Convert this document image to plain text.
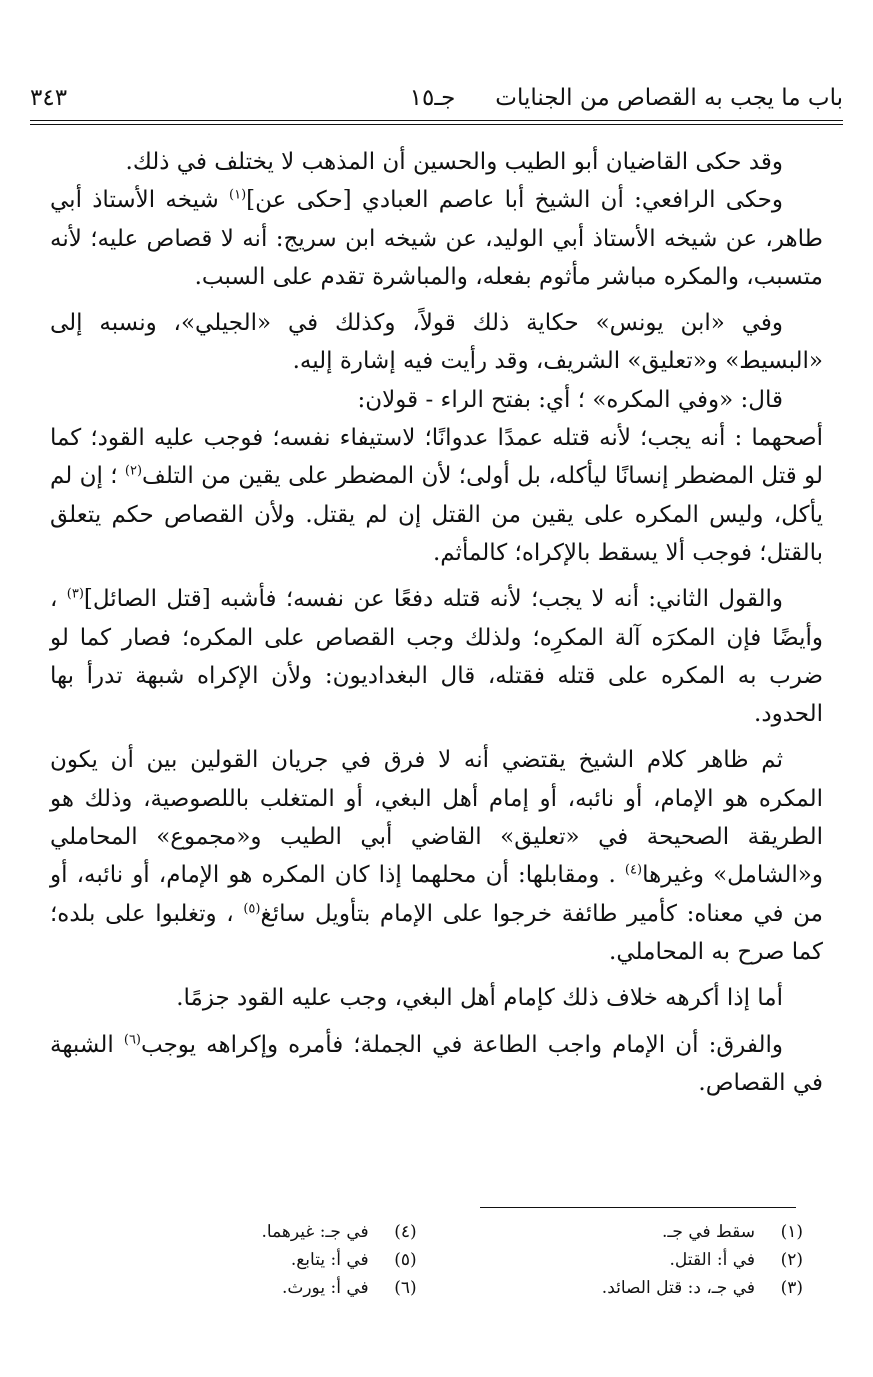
باب ما يجب به القصاص من الجنايات
جـ١٥
٣٤٣

وقد حكى القاضيان أبو الطيب والحسين أن المذهب لا يختلف في ذلك.

وحكى الرافعي: أن الشيخ أبا عاصم العبادي [حكى عن]$^{(١)}$ شيخه الأستاذ أبي طاهر، عن شيخه الأستاذ أبي الوليد، عن شيخه ابن سريج: أنه لا قصاص عليه؛ لأنه متسبب، والمكره مباشر مأثوم بفعله، والمباشرة تقدم على السبب.

وفي «ابن يونس» حكاية ذلك قولاً، وكذلك في «الجيلي»، ونسبه إلى «البسيط» و«تعليق» الشريف، وقد رأيت فيه إشارة إليه.

قال: «وفي المكره» ؛ أي: بفتح الراء - قولان:

أصحهما : أنه يجب؛ لأنه قتله عمدًا عدوانًا؛ لاستيفاء نفسه؛ فوجب عليه القود؛ كما لو قتل المضطر إنسانًا ليأكله، بل أولى؛ لأن المضطر على يقين من التلف$^{(٢)}$ ؛ إن لم يأكل، وليس المكره على يقين من القتل إن لم يقتل. ولأن القصاص حكم يتعلق بالقتل؛ فوجب ألا يسقط بالإكراه؛ كالمأثم.

والقول الثاني: أنه لا يجب؛ لأنه قتله دفعًا عن نفسه؛ فأشبه [قتل الصائل]$^{(٣)}$ ، وأيضًا فإن المكرَه آلة المكرِه؛ ولذلك وجب القصاص على المكره؛ فصار كما لو ضرب به المكره على قتله فقتله، قال البغداديون: ولأن الإكراه شبهة تدرأ بها الحدود.

ثم ظاهر كلام الشيخ يقتضي أنه لا فرق في جريان القولين بين أن يكون المكره هو الإمام، أو نائبه، أو إمام أهل البغي، أو المتغلب باللصوصية، وذلك هو الطريقة الصحيحة في «تعليق» القاضي أبي الطيب و«مجموع» المحاملي و«الشامل» وغيرها$^{(٤)}$ . ومقابلها: أن محلهما إذا كان المكره هو الإمام، أو نائبه، أو من في معناه: كأمير طائفة خرجوا على الإمام بتأويل سائغ$^{(٥)}$ ، وتغلبوا على بلده؛ كما صرح به المحاملي.

أما إذا أكرهه خلاف ذلك كإمام أهل البغي، وجب عليه القود جزمًا.

والفرق: أن الإمام واجب الطاعة في الجملة؛ فأمره وإكراهه يوجب$^{(٦)}$ الشبهة في القصاص.

(١)
سقط في جـ.
(٢)
في أ: القتل.
(٣)
في جـ، د: قتل الصائد.
(٤)
في جـ: غيرهما.
(٥)
في أ: يتابع.
(٦)
في أ: يورث.
